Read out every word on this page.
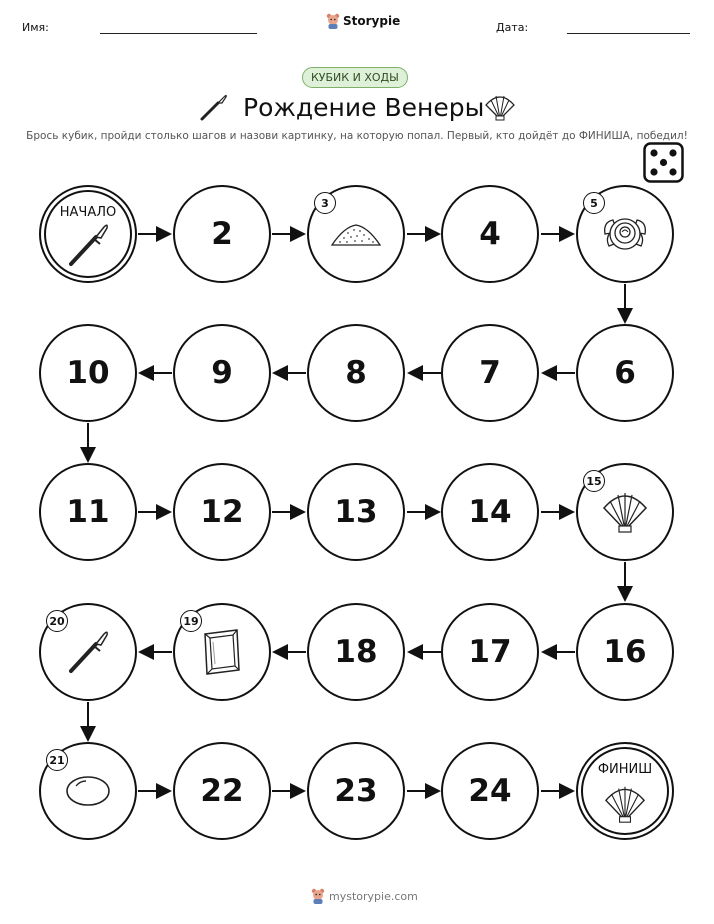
Имя:	Storypie	Дата:
КУБИК И ХОДЫ
Рождение Венеры
Брось кубик, пройди столько шагов и назови картинку, на которую попал. Первый, кто дойдёт до ФИНИША, победил!
НАЧАЛО
2
3
4
5
6
7
8
9
10
11	12	13	14
15
16
17
18
19
20
21
22	23	24
ФИНИШ
mystorypie.com
